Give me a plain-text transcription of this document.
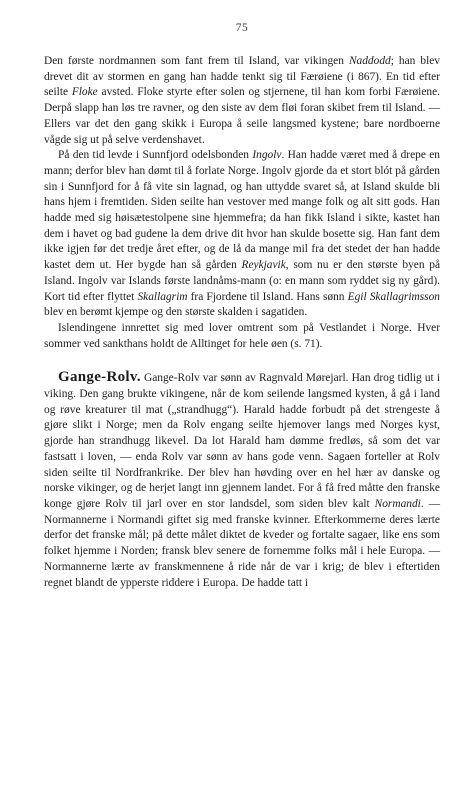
75

Den første nordmannen som fant frem til Island, var vikingen Naddodd; han blev drevet dit av stormen en gang han hadde tenkt sig til Færøiene (i 867). En tid efter seilte Floke avsted. Floke styrte efter solen og stjernene, til han kom forbi Færøiene. Derpå slapp han løs tre ravner, og den siste av dem fløi foran skibet frem til Island. — Ellers var det den gang skikk i Europa å seile langsmed kystene; bare nordboerne vågde sig ut på selve verdenshavet.

På den tid levde i Sunnfjord odelsbonden Ingolv. Han hadde været med å drepe en mann; derfor blev han dømt til å forlate Norge. Ingolv gjorde da et stort blót på gården sin i Sunnfjord for å få vite sin lagnad, og han uttydde svaret så, at Island skulde bli hans hjem i fremtiden. Siden seilte han vestover med mange folk og alt sitt gods. Han hadde med sig høisætestolpene sine hjemmefra; da han fikk Island i sikte, kastet han dem i havet og bad gudene la dem drive dit hvor han skulde bosette sig. Han fant dem ikke igjen før det tredje året efter, og de lå da mange mil fra det stedet der han hadde kastet dem ut. Her bygde han så gården Reykjavik, som nu er den største byen på Island. Ingolv var Islands første landnåms-mann (o: en mann som ryddet sig ny gård). Kort tid efter flyttet Skallagrim fra Fjordene til Island. Hans sønn Egil Skallagrimsson blev en berømt kjempe og den største skalden i sagatiden.

Islendingene innrettet sig med lover omtrent som på Vestlandet i Norge. Hver sommer ved sankthans holdt de Alltinget for hele øen (s. 71).

Gange-Rolv. Gange-Rolv var sønn av Ragnvald Mørejarl. Han drog tidlig ut i viking. Den gang brukte vikingene, når de kom seilende langsmed kysten, å gå i land og røve kreaturer til mat („strandhugg“). Harald hadde forbudt på det strengeste å gjøre slikt i Norge; men da Rolv engang seilte hjemover langs med Norges kyst, gjorde han strandhugg likevel. Da lot Harald ham dømme fredløs, så som det var fastsatt i loven, — enda Rolv var sønn av hans gode venn. Sagaen forteller at Rolv siden seilte til Nordfrankrike. Der blev han høvding over en hel hær av danske og norske vikinger, og de herjet langt inn gjennem landet. For å få fred måtte den franske konge gjøre Rolv til jarl over en stor landsdel, som siden blev kalt Normandi. — Normannerne i Normandi giftet sig med franske kvinner. Efterkommerne deres lærte derfor det franske mål; på dette målet diktet de kveder og fortalte sagaer, like ens som folket hjemme i Norden; fransk blev senere de fornemme folks mål i hele Europa. — Normannerne lærte av franskmennene å ride når de var i krig; de blev i eftertiden regnet blandt de ypperste riddere i Europa. De hadde tatt i
